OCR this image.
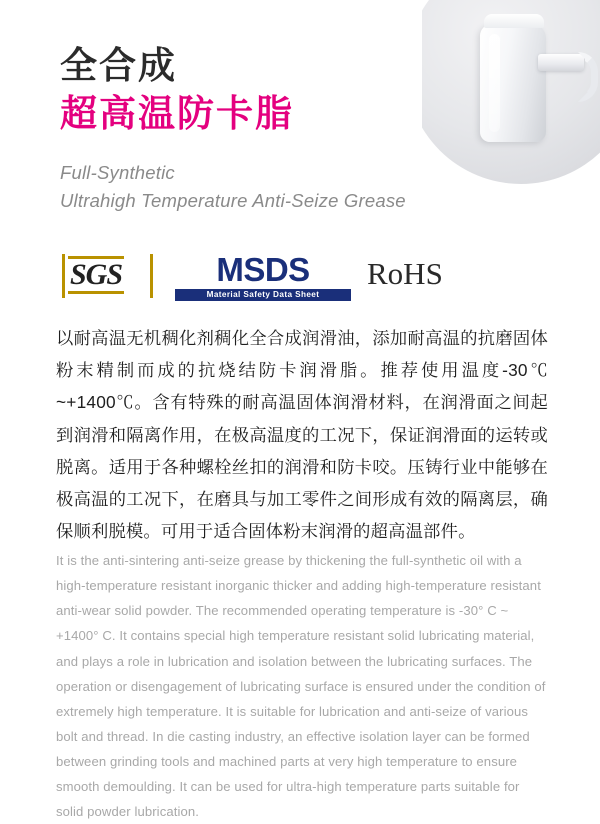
全合成
超高温防卡脂
Full-Synthetic
Ultrahigh Temperature Anti-Seize Grease
SGS	MSDS
Material Safety Data Sheet
RoHS
以耐高温无机稠化剂稠化全合成润滑油，添加耐高温的抗磨固体粉末精制而成的抗烧结防卡润滑脂。推荐使用温度-30℃ ~+1400℃。含有特殊的耐高温固体润滑材料，在润滑面之间起到润滑和隔离作用，在极高温度的工况下，保证润滑面的运转或脱离。适用于各种螺栓丝扣的润滑和防卡咬。压铸行业中能够在极高温的工况下，在磨具与加工零件之间形成有效的隔离层，确保顺利脱模。可用于适合固体粉末润滑的超高温部件。
It is the anti-sintering anti-seize grease by thickening the full-synthetic oil with a high-temperature resistant inorganic thicker and adding high-temperature resistant anti-wear solid powder. The recommended operating temperature is -30° C ~ +1400° C. It contains special high temperature resistant solid lubricating material, and plays a role in lubrication and isolation between the lubricating surfaces. The operation or disengagement of lubricating surface is ensured under the condition of extremely high temperature. It is suitable for lubrication and anti-seize of various bolt and thread. In die casting industry, an effective isolation layer can be formed between grinding tools and machined parts at very high temperature to ensure smooth demoulding. It can be used for ultra-high temperature parts suitable for solid powder lubrication.
